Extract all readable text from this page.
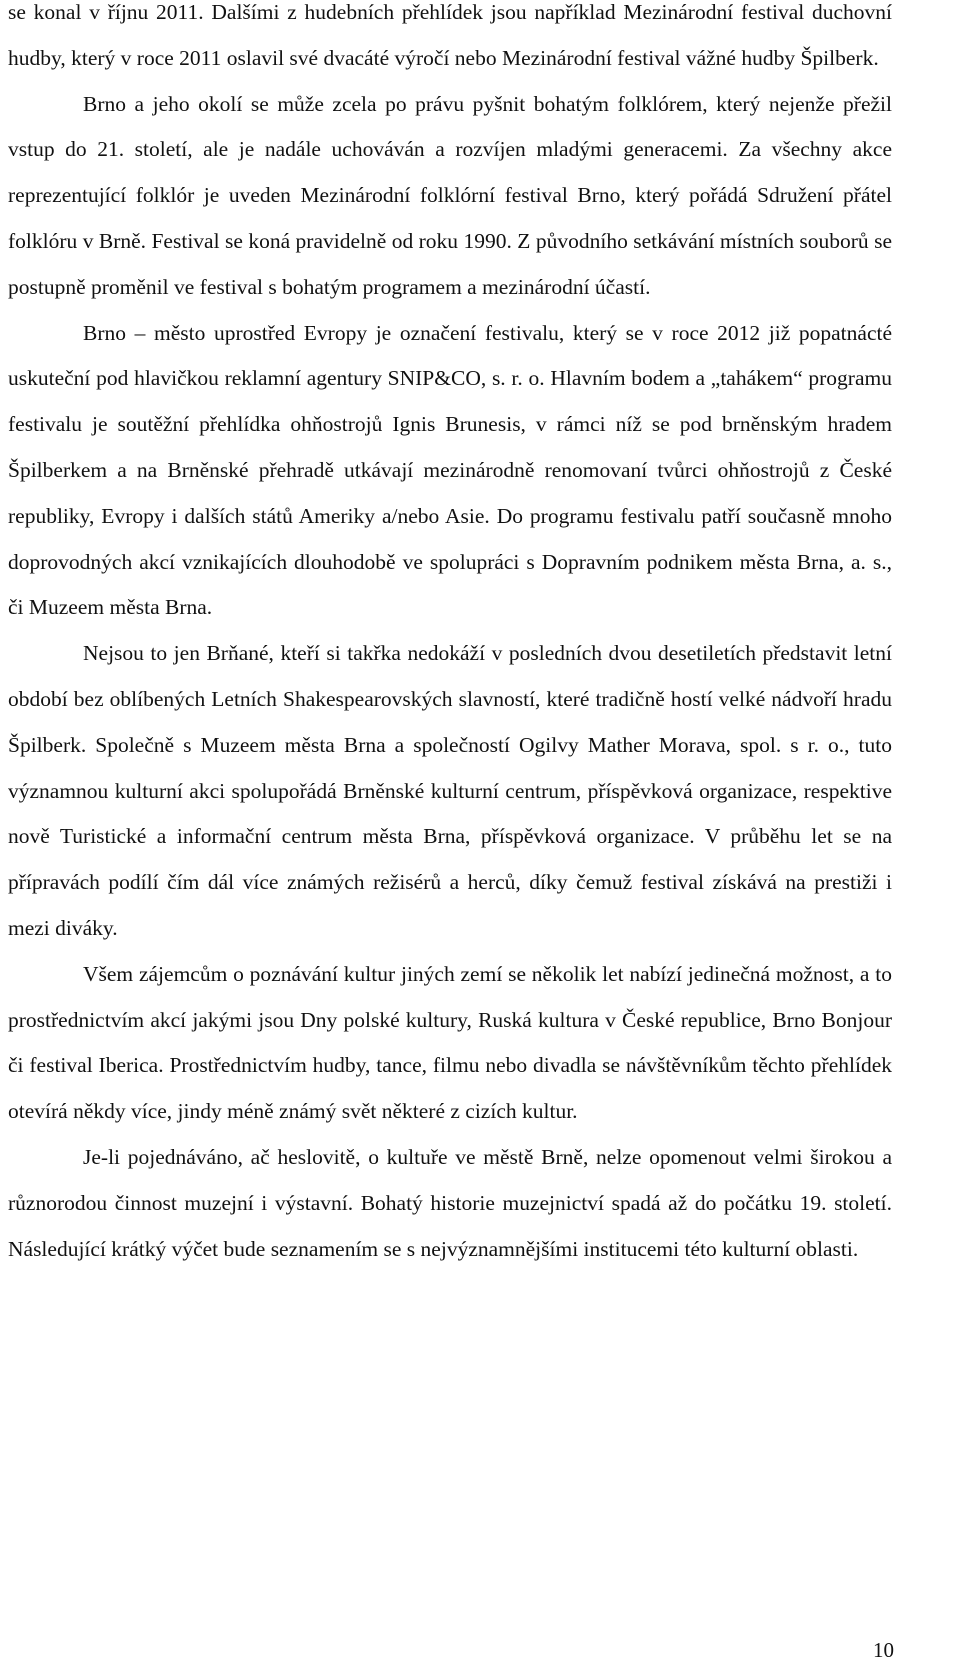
se konal v říjnu 2011. Dalšími z hudebních přehlídek jsou například Mezinárodní festival duchovní hudby, který v roce 2011 oslavil své dvacáté výročí nebo Mezinárodní festival vážné hudby Špilberk.

Brno a jeho okolí se může zcela po právu pyšnit bohatým folklórem, který nejenže přežil vstup do 21. století, ale je nadále uchováván a rozvíjen mladými generacemi. Za všechny akce reprezentující folklór je uveden Mezinárodní folklórní festival Brno, který pořádá Sdružení přátel folklóru v Brně. Festival se koná pravidelně od roku 1990. Z původního setkávání místních souborů se postupně proměnil ve festival s bohatým programem a mezinárodní účastí.

Brno – město uprostřed Evropy je označení festivalu, který se v roce 2012 již popatnácté uskuteční pod hlavičkou reklamní agentury SNIP&CO, s. r. o. Hlavním bodem a „tahákem“ programu festivalu je soutěžní přehlídka ohňostrojů Ignis Brunesis, v rámci níž se pod brněnským hradem Špilberkem a na Brněnské přehradě utkávají mezinárodně renomovaní tvůrci ohňostrojů z České republiky, Evropy i dalších států Ameriky a/nebo Asie. Do programu festivalu patří současně mnoho doprovodných akcí vznikajících dlouhodobě ve spolupráci s Dopravním podnikem města Brna, a. s., či Muzeem města Brna.

Nejsou to jen Brňané, kteří si takřka nedokáží v posledních dvou desetiletích představit letní období bez oblíbených Letních Shakespearovských slavností, které tradičně hostí velké nádvoří hradu Špilberk. Společně s Muzeem města Brna a společností Ogilvy Mather Morava, spol. s r. o., tuto významnou kulturní akci spolupořádá Brněnské kulturní centrum, příspěvková organizace, respektive nově Turistické a informační centrum města Brna, příspěvková organizace. V průběhu let se na přípravách podílí čím dál více známých režisérů a herců, díky čemuž festival získává na prestiži i mezi diváky.

Všem zájemcům o poznávání kultur jiných zemí se několik let nabízí jedinečná možnost, a to prostřednictvím akcí jakými jsou Dny polské kultury, Ruská kultura v České republice, Brno Bonjour či festival Iberica. Prostřednictvím hudby, tance, filmu nebo divadla se návštěvníkům těchto přehlídek otevírá někdy více, jindy méně známý svět některé z cizích kultur.

Je-li pojednáváno, ač heslovitě, o kultuře ve městě Brně, nelze opomenout velmi širokou a různorodou činnost muzejní i výstavní. Bohatý historie muzejnictví spadá až do počátku 19. století. Následující krátký výčet bude seznamením se s nejvýznamnějšími institucemi této kulturní oblasti.

10
